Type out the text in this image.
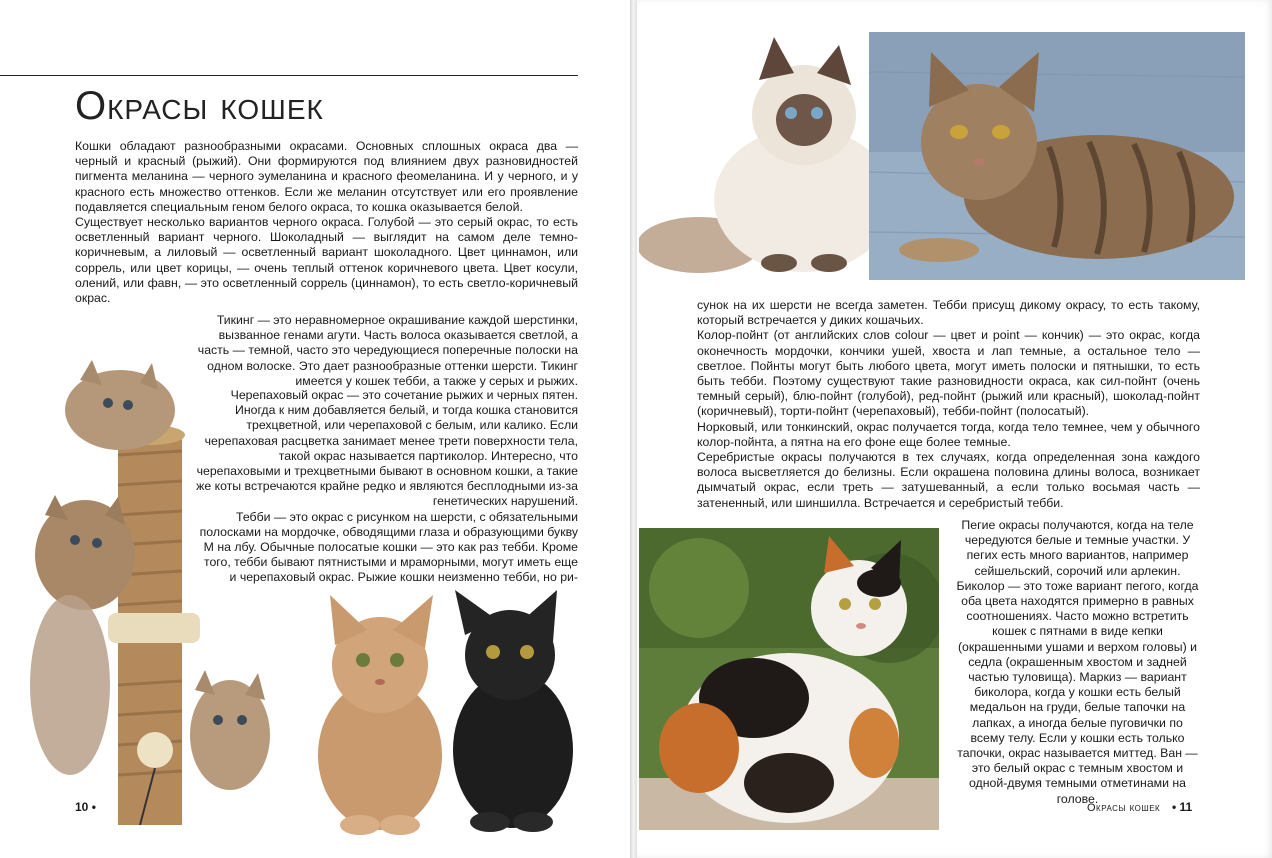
Окрасы кошек

Кошки обладают разнообразными окрасами. Основных сплошных окраса два — черный и красный (рыжий). Они формируются под влиянием двух разновидностей пигмента меланина — черного эумеланина и красного феомеланина. И у черного, и у красного есть множество оттенков. Если же меланин отсутствует или его проявление подавляется специальным геном белого окраса, то кошка оказывается белой.

Существует несколько вариантов черного окраса. Голубой — это серый окрас, то есть осветленный вариант черного. Шоколадный — выглядит на самом деле темно-коричневым, а лиловый — осветленный вариант шоколадного. Цвет циннамон, или соррель, или цвет корицы, — очень теплый оттенок коричневого цвета. Цвет косули, олений, или фавн, — это осветленный соррель (циннамон), то есть светло-коричневый окрас.

Тикинг — это неравномерное окрашивание каждой шерстинки, вызванное генами агути. Часть волоса оказывается светлой, а часть — темной, часто это чередующиеся поперечные полоски на одном волоске. Это дает разнообразные оттенки шерсти. Тикинг имеется у кошек тебби, а также у серых и рыжих.

Черепаховый окрас — это сочетание рыжих и черных пятен. Иногда к ним добавляется белый, и тогда кошка становится трехцветной, или черепаховой с белым, или калико. Если черепаховая расцветка занимает менее трети поверхности тела, такой окрас называется партиколор. Интересно, что черепаховыми и трехцветными бывают в основном кошки, а такие же коты встречаются крайне редко и являются бесплодными из-за генетических нарушений.

Тебби — это окрас с рисунком на шерсти, с обязательными полосками на мордочке, обводящими глаза и образующими букву М на лбу. Обычные полосатые кошки — это как раз тебби. Кроме того, тебби бывают пятнистыми и мраморными, могут иметь еще и черепаховый окрас. Рыжие кошки неизменно тебби, но ри-

10 •

сунок на их шерсти не всегда заметен. Тебби присущ дикому окрасу, то есть такому, который встречается у диких кошачьих.

Колор-пойнт (от английских слов colour — цвет и point — кончик) — это окрас, когда оконечность мордочки, кончики ушей, хвоста и лап темные, а остальное тело — светлое. Пойнты могут быть любого цвета, могут иметь полоски и пятнышки, то есть быть тебби. Поэтому существуют такие разновидности окраса, как сил-пойнт (очень темный серый), блю-пойнт (голубой), ред-пойнт (рыжий или красный), шоколад-пойнт (коричневый), торти-пойнт (черепаховый), тебби-пойнт (полосатый).

Норковый, или тонкинский, окрас получается тогда, когда тело темнее, чем у обычного колор-пойнта, а пятна на его фоне еще более темные.

Серебристые окрасы получаются в тех случаях, когда определенная зона каждого волоса высветляется до белизны. Если окрашена половина длины волоса, возникает дымчатый окрас, если треть — затушеванный, а если только восьмая часть — затененный, или шиншилла. Встречается и серебристый тебби.

Пегие окрасы получаются, когда на теле чередуются белые и темные участки. У пегих есть много вариантов, например сейшельский, сорочий или арлекин. Биколор — это тоже вариант пегого, когда оба цвета находятся примерно в равных соотношениях. Часто можно встретить кошек с пятнами в виде кепки (окрашенными ушами и верхом головы) и седла (окрашенным хвостом и задней частью туловища). Маркиз — вариант биколора, когда у кошки есть белый медальон на груди, белые тапочки на лапках, а иногда белые пуговички по всему телу. Если у кошки есть только тапочки, окрас называется миттед. Ван — это белый окрас с темным хвостом и одной-двумя темными отметинами на голове.

Окрасы кошек • 11
